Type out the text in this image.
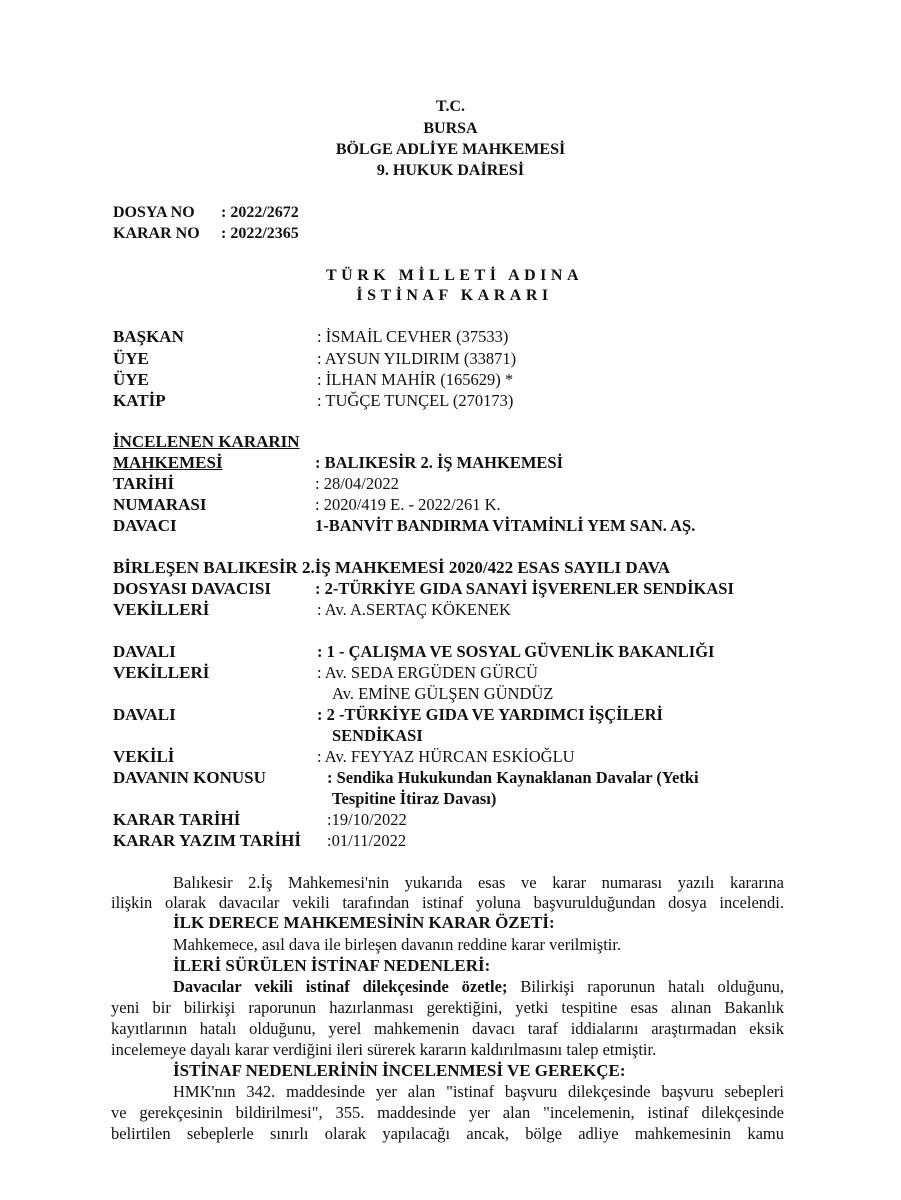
T.C.
BURSA
BÖLGE ADLİYE MAHKEMESİ
9. HUKUK DAİRESİ
DOSYA NO : 2022/2672
KARAR NO : 2022/2365
TÜRK MİLLETİ ADINA
İSTİNAF KARARI
BAŞKAN	: İSMAİL CEVHER (37533)
ÜYE	: AYSUN YILDIRIM (33871)
ÜYE	: İLHAN MAHİR (165629) *
KATİP	: TUĞÇE TUNÇEL (270173)
İNCELENEN KARARIN
MAHKEMESİ	: BALIKESİR 2. İŞ MAHKEMESİ
TARİHİ	: 28/04/2022
NUMARASI	: 2020/419 E. - 2022/261 K.
DAVACI	1-BANVİT BANDIRMA VİTAMİNLİ YEM SAN. AŞ.
BİRLEŞEN BALIKESİR 2.İŞ MAHKEMESİ 2020/422 ESAS SAYILI DAVA
DOSYASI DAVACISI	: 2-TÜRKİYE GIDA SANAYİ İŞVERENLER SENDİKASI
VEKİLLERİ	: Av. A.SERTAÇ KÖKENEK
DAVALI	: 1 - ÇALIŞMA VE SOSYAL GÜVENLİK BAKANLIĞI
VEKİLLERİ	: Av. SEDA ERGÜDEN GÜRCÜ
Av. EMİNE GÜLŞEN GÜNDÜZ
DAVALI	: 2 -TÜRKİYE GIDA VE YARDIMCI İŞÇİLERİ
SENDİKASI
VEKİLİ	: Av. FEYYAZ HÜRCAN ESKİOĞLU
DAVANIN KONUSU	: Sendika Hukukundan Kaynaklanan Davalar (Yetki
Tespitine İtiraz Davası)
KARAR TARİHİ	:19/10/2022
KARAR YAZIM TARİHİ :01/11/2022
Balıkesir 2.İş Mahkemesi'nin yukarıda esas ve karar numarası yazılı kararına
ilişkin olarak davacılar vekili tarafından istinaf yoluna başvurulduğundan dosya incelendi.
İLK DERECE MAHKEMESİNİN KARAR ÖZETİ:
Mahkemece, asıl dava ile birleşen davanın reddine karar verilmiştir.
İLERİ SÜRÜLEN İSTİNAF NEDENLERİ:
Davacılar vekili istinaf dilekçesinde özetle; Bilirkişi raporunun hatalı olduğunu,
yeni bir bilirkişi raporunun hazırlanması gerektiğini, yetki tespitine esas alınan Bakanlık
kayıtlarının hatalı olduğunu, yerel mahkemenin davacı taraf iddialarını araştırmadan eksik
incelemeye dayalı karar verdiğini ileri sürerek kararın kaldırılmasını talep etmiştir.
İSTİNAF NEDENLERİNİN İNCELENMESİ VE GEREKÇE:
HMK'nın 342. maddesinde yer alan "istinaf başvuru dilekçesinde başvuru sebepleri
ve gerekçesinin bildirilmesi", 355. maddesinde yer alan "incelemenin, istinaf dilekçesinde
belirtilen sebeplerle sınırlı olarak yapılacağı ancak, bölge adliye mahkemesinin kamu
